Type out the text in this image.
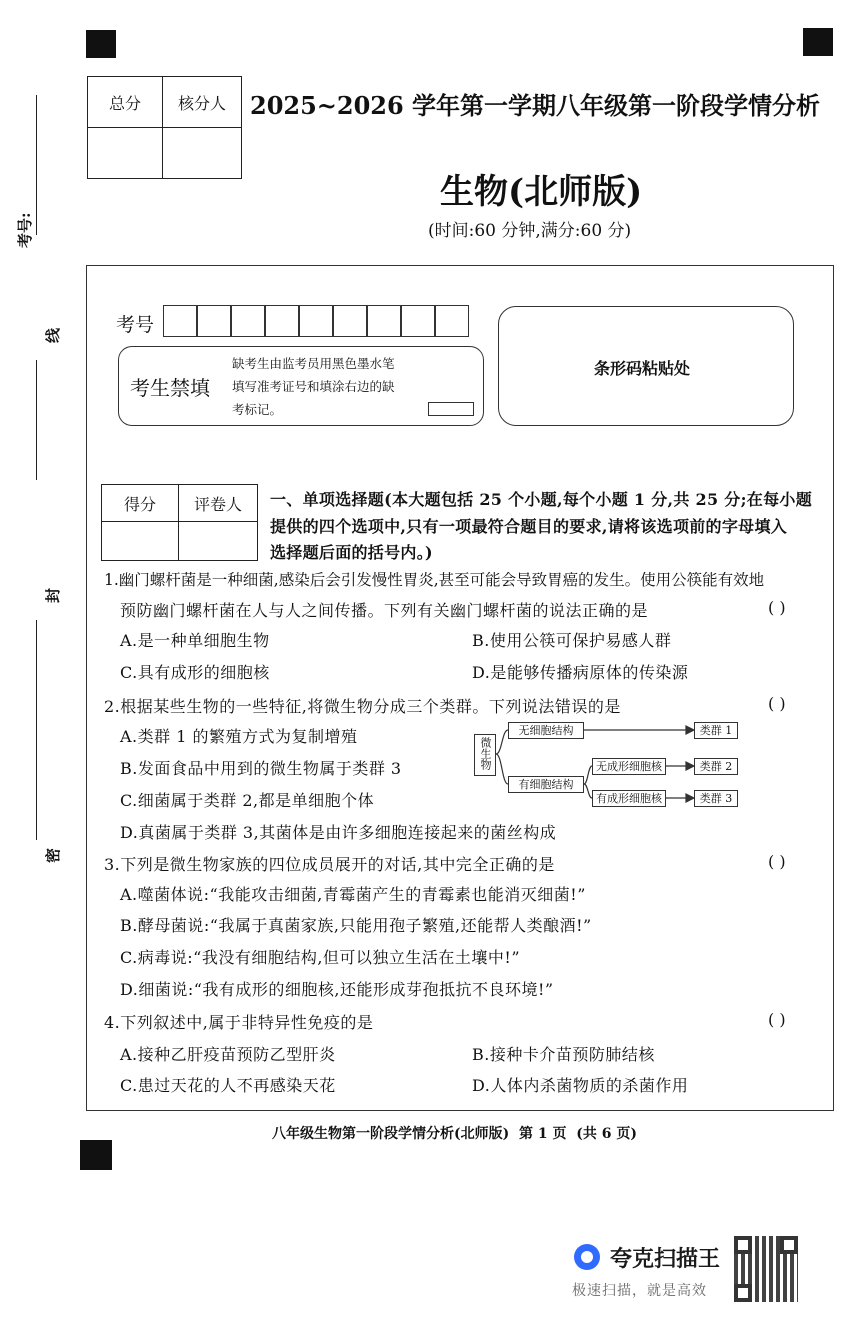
考号:
线
封
密
总分	核分人
	2025~2026 学年第一学期八年级第一阶段学情分析
生物(北师版)
(时间:60 分钟,满分:60 分)
考号
考生禁填
缺考生由监考员用黑色墨水笔
填写准考证号和填涂右边的缺
考标记。
条形码粘贴处
得分	评卷人
	一、单项选择题(本大题包括 25 个小题,每个小题 1 分,共 25 分;在每小题
提供的四个选项中,只有一项最符合题目的要求,请将该选项前的字母填入
选择题后面的括号内。)
1.幽门螺杆菌是一种细菌,感染后会引发慢性胃炎,甚至可能会导致胃癌的发生。使用公筷能有效地
预防幽门螺杆菌在人与人之间传播。下列有关幽门螺杆菌的说法正确的是	( )
A.是一种单细胞生物	B.使用公筷可保护易感人群
C.具有成形的细胞核	D.是能够传播病原体的传染源
2.根据某些生物的一些特征,将微生物分成三个类群。下列说法错误的是	( )
A.类群 1 的繁殖方式为复制增殖
B.发面食品中用到的微生物属于类群 3
C.细菌属于类群 2,都是单细胞个体
D.真菌属于类群 3,其菌体是由许多细胞连接起来的菌丝构成
微生物
无细胞结构
有细胞结构
无成形细胞核
有成形细胞核
类群 1
类群 2
类群 3
3.下列是微生物家族的四位成员展开的对话,其中完全正确的是	( )
A.噬菌体说:“我能攻击细菌,青霉菌产生的青霉素也能消灭细菌!”
B.酵母菌说:“我属于真菌家族,只能用孢子繁殖,还能帮人类酿酒!”
C.病毒说:“我没有细胞结构,但可以独立生活在土壤中!”
D.细菌说:“我有成形的细胞核,还能形成芽孢抵抗不良环境!”
4.下列叙述中,属于非特异性免疫的是	( )
A.接种乙肝疫苗预防乙型肝炎	B.接种卡介苗预防肺结核
C.患过天花的人不再感染天花	D.人体内杀菌物质的杀菌作用
八年级生物第一阶段学情分析(北师版)  第 1 页  (共 6 页)
夸克扫描王
极速扫描，就是高效
